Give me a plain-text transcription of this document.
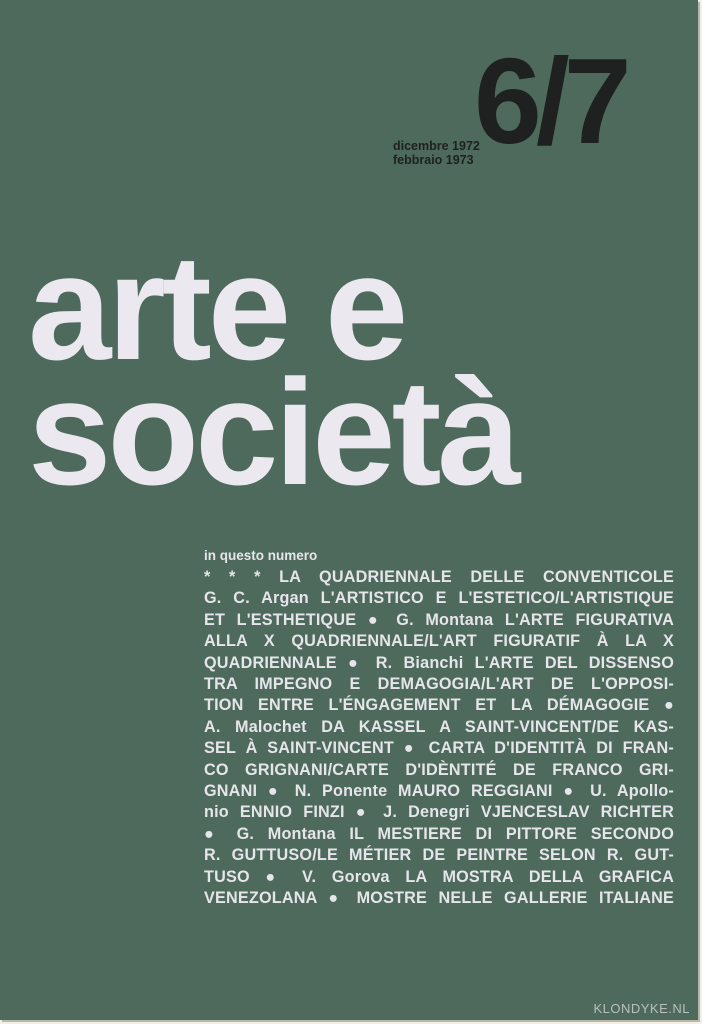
6/7
dicembre 1972
febbraio 1973
arte e
società
in questo numero
* * * LA QUADRIENNALE DELLE CONVENTICOLE
G. C. Argan L'ARTISTICO E L'ESTETICO/L'ARTISTIQUE
ET L'ESTHETIQUE ● G. Montana L'ARTE FIGURATIVA
ALLA X QUADRIENNALE/L'ART FIGURATIF À LA X
QUADRIENNALE ● R. Bianchi L'ARTE DEL DISSENSO
TRA IMPEGNO E DEMAGOGIA/L'ART DE L'OPPOSI-
TION ENTRE L'ÉNGAGEMENT ET LA DÉMAGOGIE ●
A. Malochet DA KASSEL A SAINT-VINCENT/DE KAS-
SEL À SAINT-VINCENT ● CARTA D'IDENTITÀ DI FRAN-
CO GRIGNANI/CARTE D'IDÈNTITÉ DE FRANCO GRI-
GNANI ● N. Ponente MAURO REGGIANI ● U. Apollo-
nio ENNIO FINZI ● J. Denegri VJENCESLAV RICHTER
● G. Montana IL MESTIERE DI PITTORE SECONDO
R. GUTTUSO/LE MÉTIER DE PEINTRE SELON R. GUT-
TUSO ● V. Gorova LA MOSTRA DELLA GRAFICA
VENEZOLANA ● MOSTRE NELLE GALLERIE ITALIANE
KLONDYKE.NL
